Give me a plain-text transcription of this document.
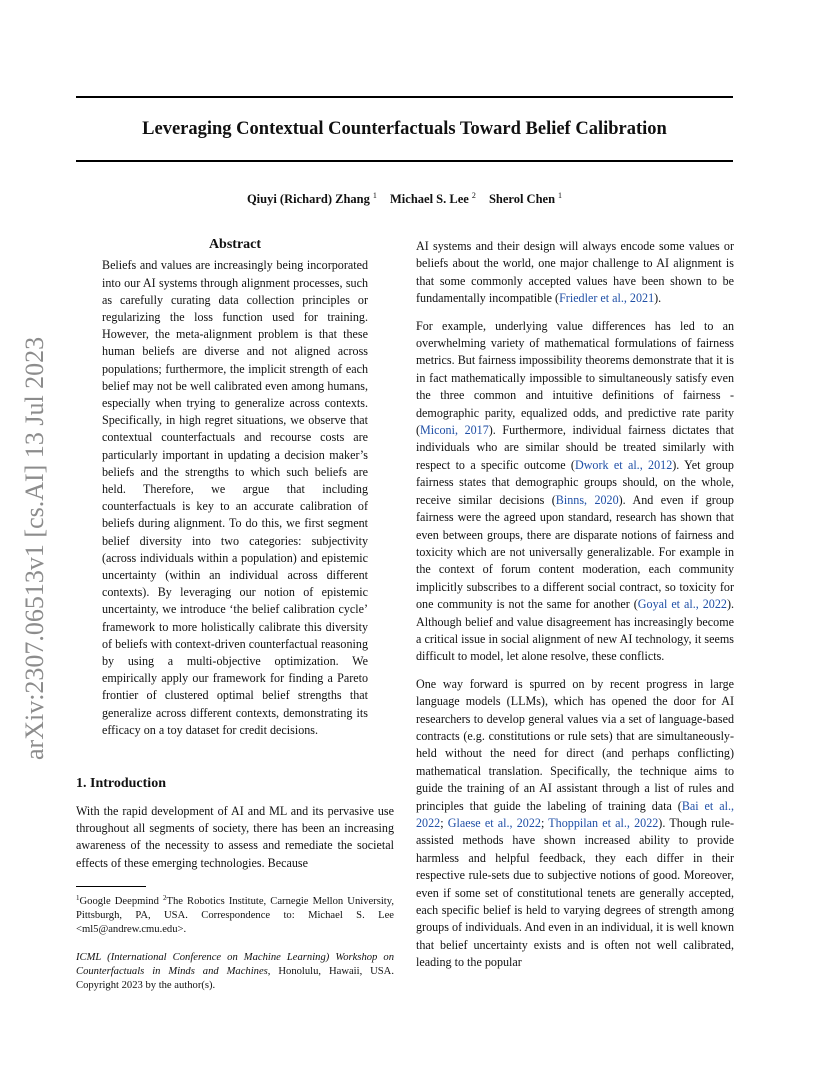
Leveraging Contextual Counterfactuals Toward Belief Calibration
Qiuyi (Richard) Zhang $^1$ Michael S. Lee $^2$ Sherol Chen $^1$
arXiv:2307.06513v1 [cs.AI] 13 Jul 2023
Abstract
Beliefs and values are increasingly being incorporated into our AI systems through alignment processes, such as carefully curating data collection principles or regularizing the loss function used for training. However, the meta-alignment problem is that these human beliefs are diverse and not aligned across populations; furthermore, the implicit strength of each belief may not be well calibrated even among humans, especially when trying to generalize across contexts. Specifically, in high regret situations, we observe that contextual counterfactuals and recourse costs are particularly important in updating a decision maker’s beliefs and the strengths to which such beliefs are held. Therefore, we argue that including counterfactuals is key to an accurate calibration of beliefs during alignment. To do this, we first segment belief diversity into two categories: subjectivity (across individuals within a population) and epistemic uncertainty (within an individual across different contexts). By leveraging our notion of epistemic uncertainty, we introduce ‘the belief calibration cycle’ framework to more holistically calibrate this diversity of beliefs with context-driven counterfactual reasoning by using a multi-objective optimization. We empirically apply our framework for finding a Pareto frontier of clustered optimal belief strengths that generalize across different contexts, demonstrating its efficacy on a toy dataset for credit decisions.
1. Introduction
With the rapid development of AI and ML and its pervasive use throughout all segments of society, there has been an increasing awareness of the necessity to assess and remediate the societal effects of these emerging technologies. Because
$^1$Google Deepmind $^2$The Robotics Institute, Carnegie Mellon University, Pittsburgh, PA, USA. Correspondence to: Michael S. Lee <ml5@andrew.cmu.edu>.
ICML (International Conference on Machine Learning) Workshop on Counterfactuals in Minds and Machines, Honolulu, Hawaii, USA. Copyright 2023 by the author(s).
AI systems and their design will always encode some values or beliefs about the world, one major challenge to AI alignment is that some commonly accepted values have been shown to be fundamentally incompatible (Friedler et al., 2021).
For example, underlying value differences has led to an overwhelming variety of mathematical formulations of fairness metrics. But fairness impossibility theorems demonstrate that it is in fact mathematically impossible to simultaneously satisfy even the three common and intuitive definitions of fairness - demographic parity, equalized odds, and predictive rate parity (Miconi, 2017). Furthermore, individual fairness dictates that individuals who are similar should be treated similarly with respect to a specific outcome (Dwork et al., 2012). Yet group fairness states that demographic groups should, on the whole, receive similar decisions (Binns, 2020). And even if group fairness were the agreed upon standard, research has shown that even between groups, there are disparate notions of fairness and toxicity which are not universally generalizable. For example in the context of forum content moderation, each community implicitly subscribes to a different social contract, so toxicity for one community is not the same for another (Goyal et al., 2022). Although belief and value disagreement has increasingly become a critical issue in social alignment of new AI technology, it seems difficult to model, let alone resolve, these conflicts.
One way forward is spurred on by recent progress in large language models (LLMs), which has opened the door for AI researchers to develop general values via a set of language-based contracts (e.g. constitutions or rule sets) that are simultaneously-held without the need for direct (and perhaps conflicting) mathematical translation. Specifically, the technique aims to guide the training of an AI assistant through a list of rules and principles that guide the labeling of training data (Bai et al., 2022; Glaese et al., 2022; Thoppilan et al., 2022). Though rule-assisted methods have shown increased ability to provide harmless and helpful feedback, they each differ in their respective rule-sets due to subjective notions of good. Moreover, even if some set of constitutional tenets are generally accepted, each specific belief is held to varying degrees of strength among groups of individuals. And even in an individual, it is well known that belief uncertainty exists and is often not well calibrated, leading to the popular
